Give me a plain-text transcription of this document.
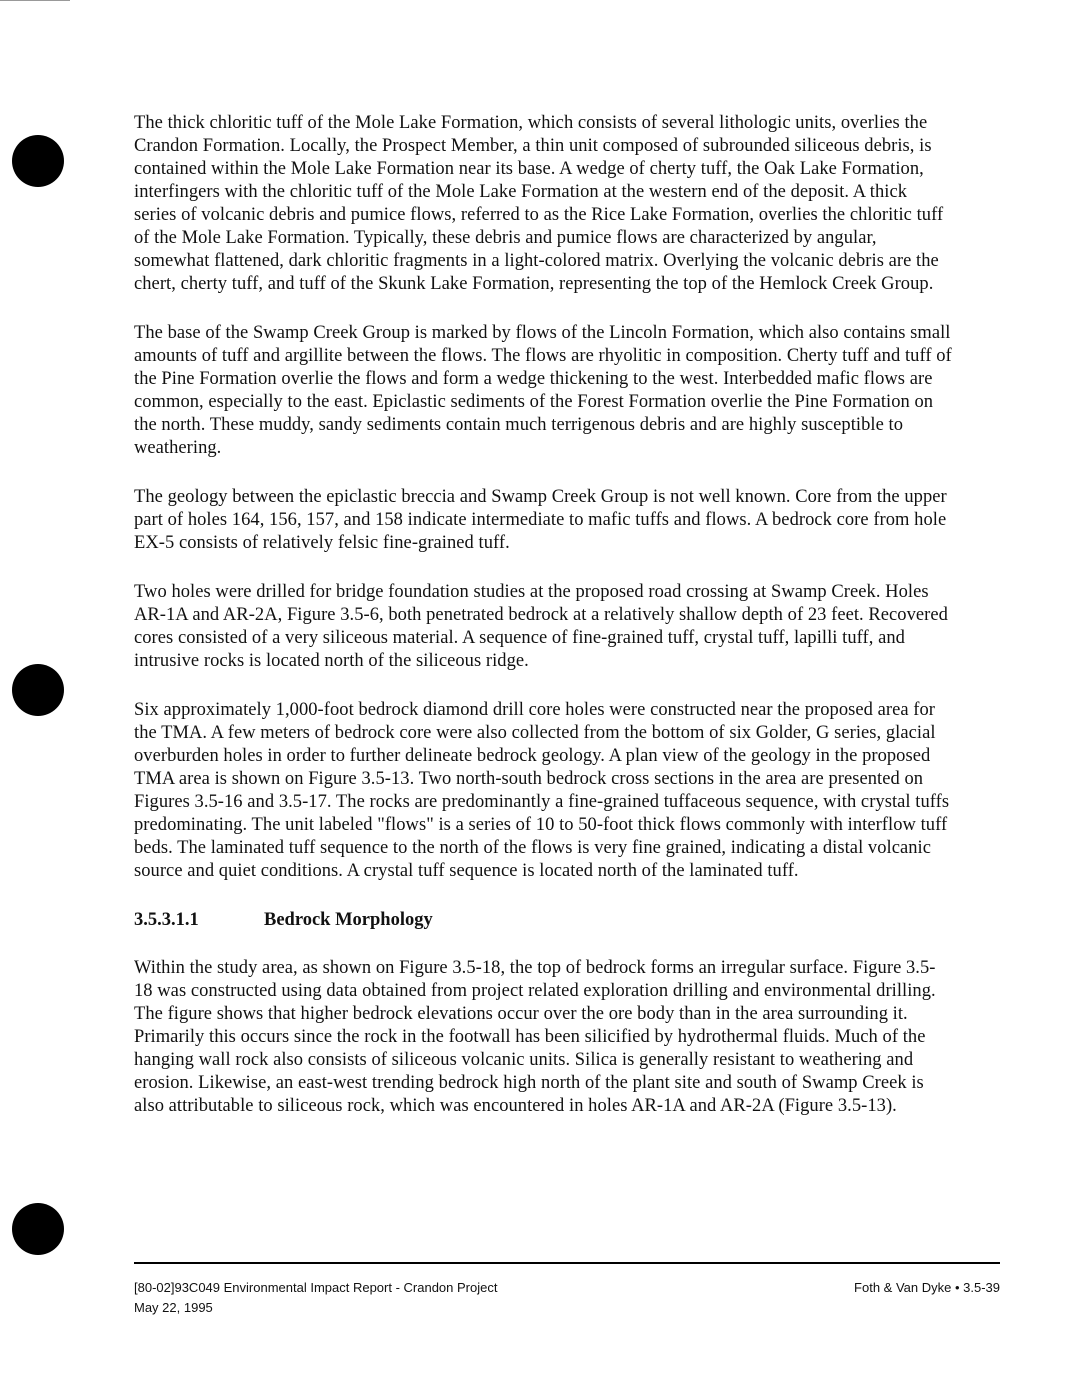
The thick chloritic tuff of the Mole Lake Formation, which consists of several lithologic units, overlies the Crandon Formation. Locally, the Prospect Member, a thin unit composed of subrounded siliceous debris, is contained within the Mole Lake Formation near its base. A wedge of cherty tuff, the Oak Lake Formation, interfingers with the chloritic tuff of the Mole Lake Formation at the western end of the deposit. A thick series of volcanic debris and pumice flows, referred to as the Rice Lake Formation, overlies the chloritic tuff of the Mole Lake Formation. Typically, these debris and pumice flows are characterized by angular, somewhat flattened, dark chloritic fragments in a light-colored matrix. Overlying the volcanic debris are the chert, cherty tuff, and tuff of the Skunk Lake Formation, representing the top of the Hemlock Creek Group.

The base of the Swamp Creek Group is marked by flows of the Lincoln Formation, which also contains small amounts of tuff and argillite between the flows. The flows are rhyolitic in composition. Cherty tuff and tuff of the Pine Formation overlie the flows and form a wedge thickening to the west. Interbedded mafic flows are common, especially to the east. Epiclastic sediments of the Forest Formation overlie the Pine Formation on the north. These muddy, sandy sediments contain much terrigenous debris and are highly susceptible to weathering.

The geology between the epiclastic breccia and Swamp Creek Group is not well known. Core from the upper part of holes 164, 156, 157, and 158 indicate intermediate to mafic tuffs and flows. A bedrock core from hole EX-5 consists of relatively felsic fine-grained tuff.

Two holes were drilled for bridge foundation studies at the proposed road crossing at Swamp Creek. Holes AR-1A and AR-2A, Figure 3.5-6, both penetrated bedrock at a relatively shallow depth of 23 feet. Recovered cores consisted of a very siliceous material. A sequence of fine-grained tuff, crystal tuff, lapilli tuff, and intrusive rocks is located north of the siliceous ridge.

Six approximately 1,000-foot bedrock diamond drill core holes were constructed near the proposed area for the TMA. A few meters of bedrock core were also collected from the bottom of six Golder, G series, glacial overburden holes in order to further delineate bedrock geology. A plan view of the geology in the proposed TMA area is shown on Figure 3.5-13. Two north-south bedrock cross sections in the area are presented on Figures 3.5-16 and 3.5-17. The rocks are predominantly a fine-grained tuffaceous sequence, with crystal tuffs predominating. The unit labeled "flows" is a series of 10 to 50-foot thick flows commonly with interflow tuff beds. The laminated tuff sequence to the north of the flows is very fine grained, indicating a distal volcanic source and quiet conditions. A crystal tuff sequence is located north of the laminated tuff.

3.5.3.1.1	Bedrock Morphology

Within the study area, as shown on Figure 3.5-18, the top of bedrock forms an irregular surface. Figure 3.5-18 was constructed using data obtained from project related exploration drilling and environmental drilling. The figure shows that higher bedrock elevations occur over the ore body than in the area surrounding it. Primarily this occurs since the rock in the footwall has been silicified by hydrothermal fluids. Much of the hanging wall rock also consists of siliceous volcanic units. Silica is generally resistant to weathering and erosion. Likewise, an east-west trending bedrock high north of the plant site and south of Swamp Creek is also attributable to siliceous rock, which was encountered in holes AR-1A and AR-2A (Figure 3.5-13).

[80-02]93C049 Environmental Impact Report - Crandon Project
May 22, 1995
Foth & Van Dyke • 3.5-39
